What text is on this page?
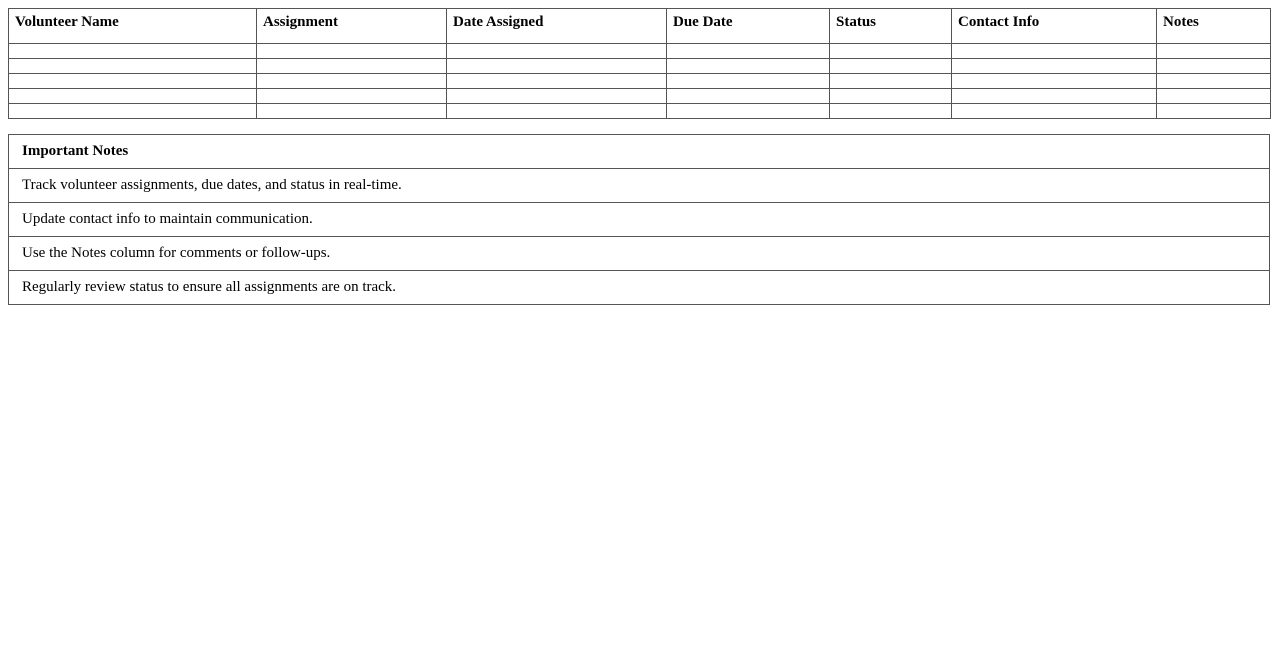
Volunteer Name	Assignment	Date Assigned	Due Date	Status	Contact Info	Notes

Important Notes
Track volunteer assignments, due dates, and status in real-time.
Update contact info to maintain communication.
Use the Notes column for comments or follow-ups.
Regularly review status to ensure all assignments are on track.
